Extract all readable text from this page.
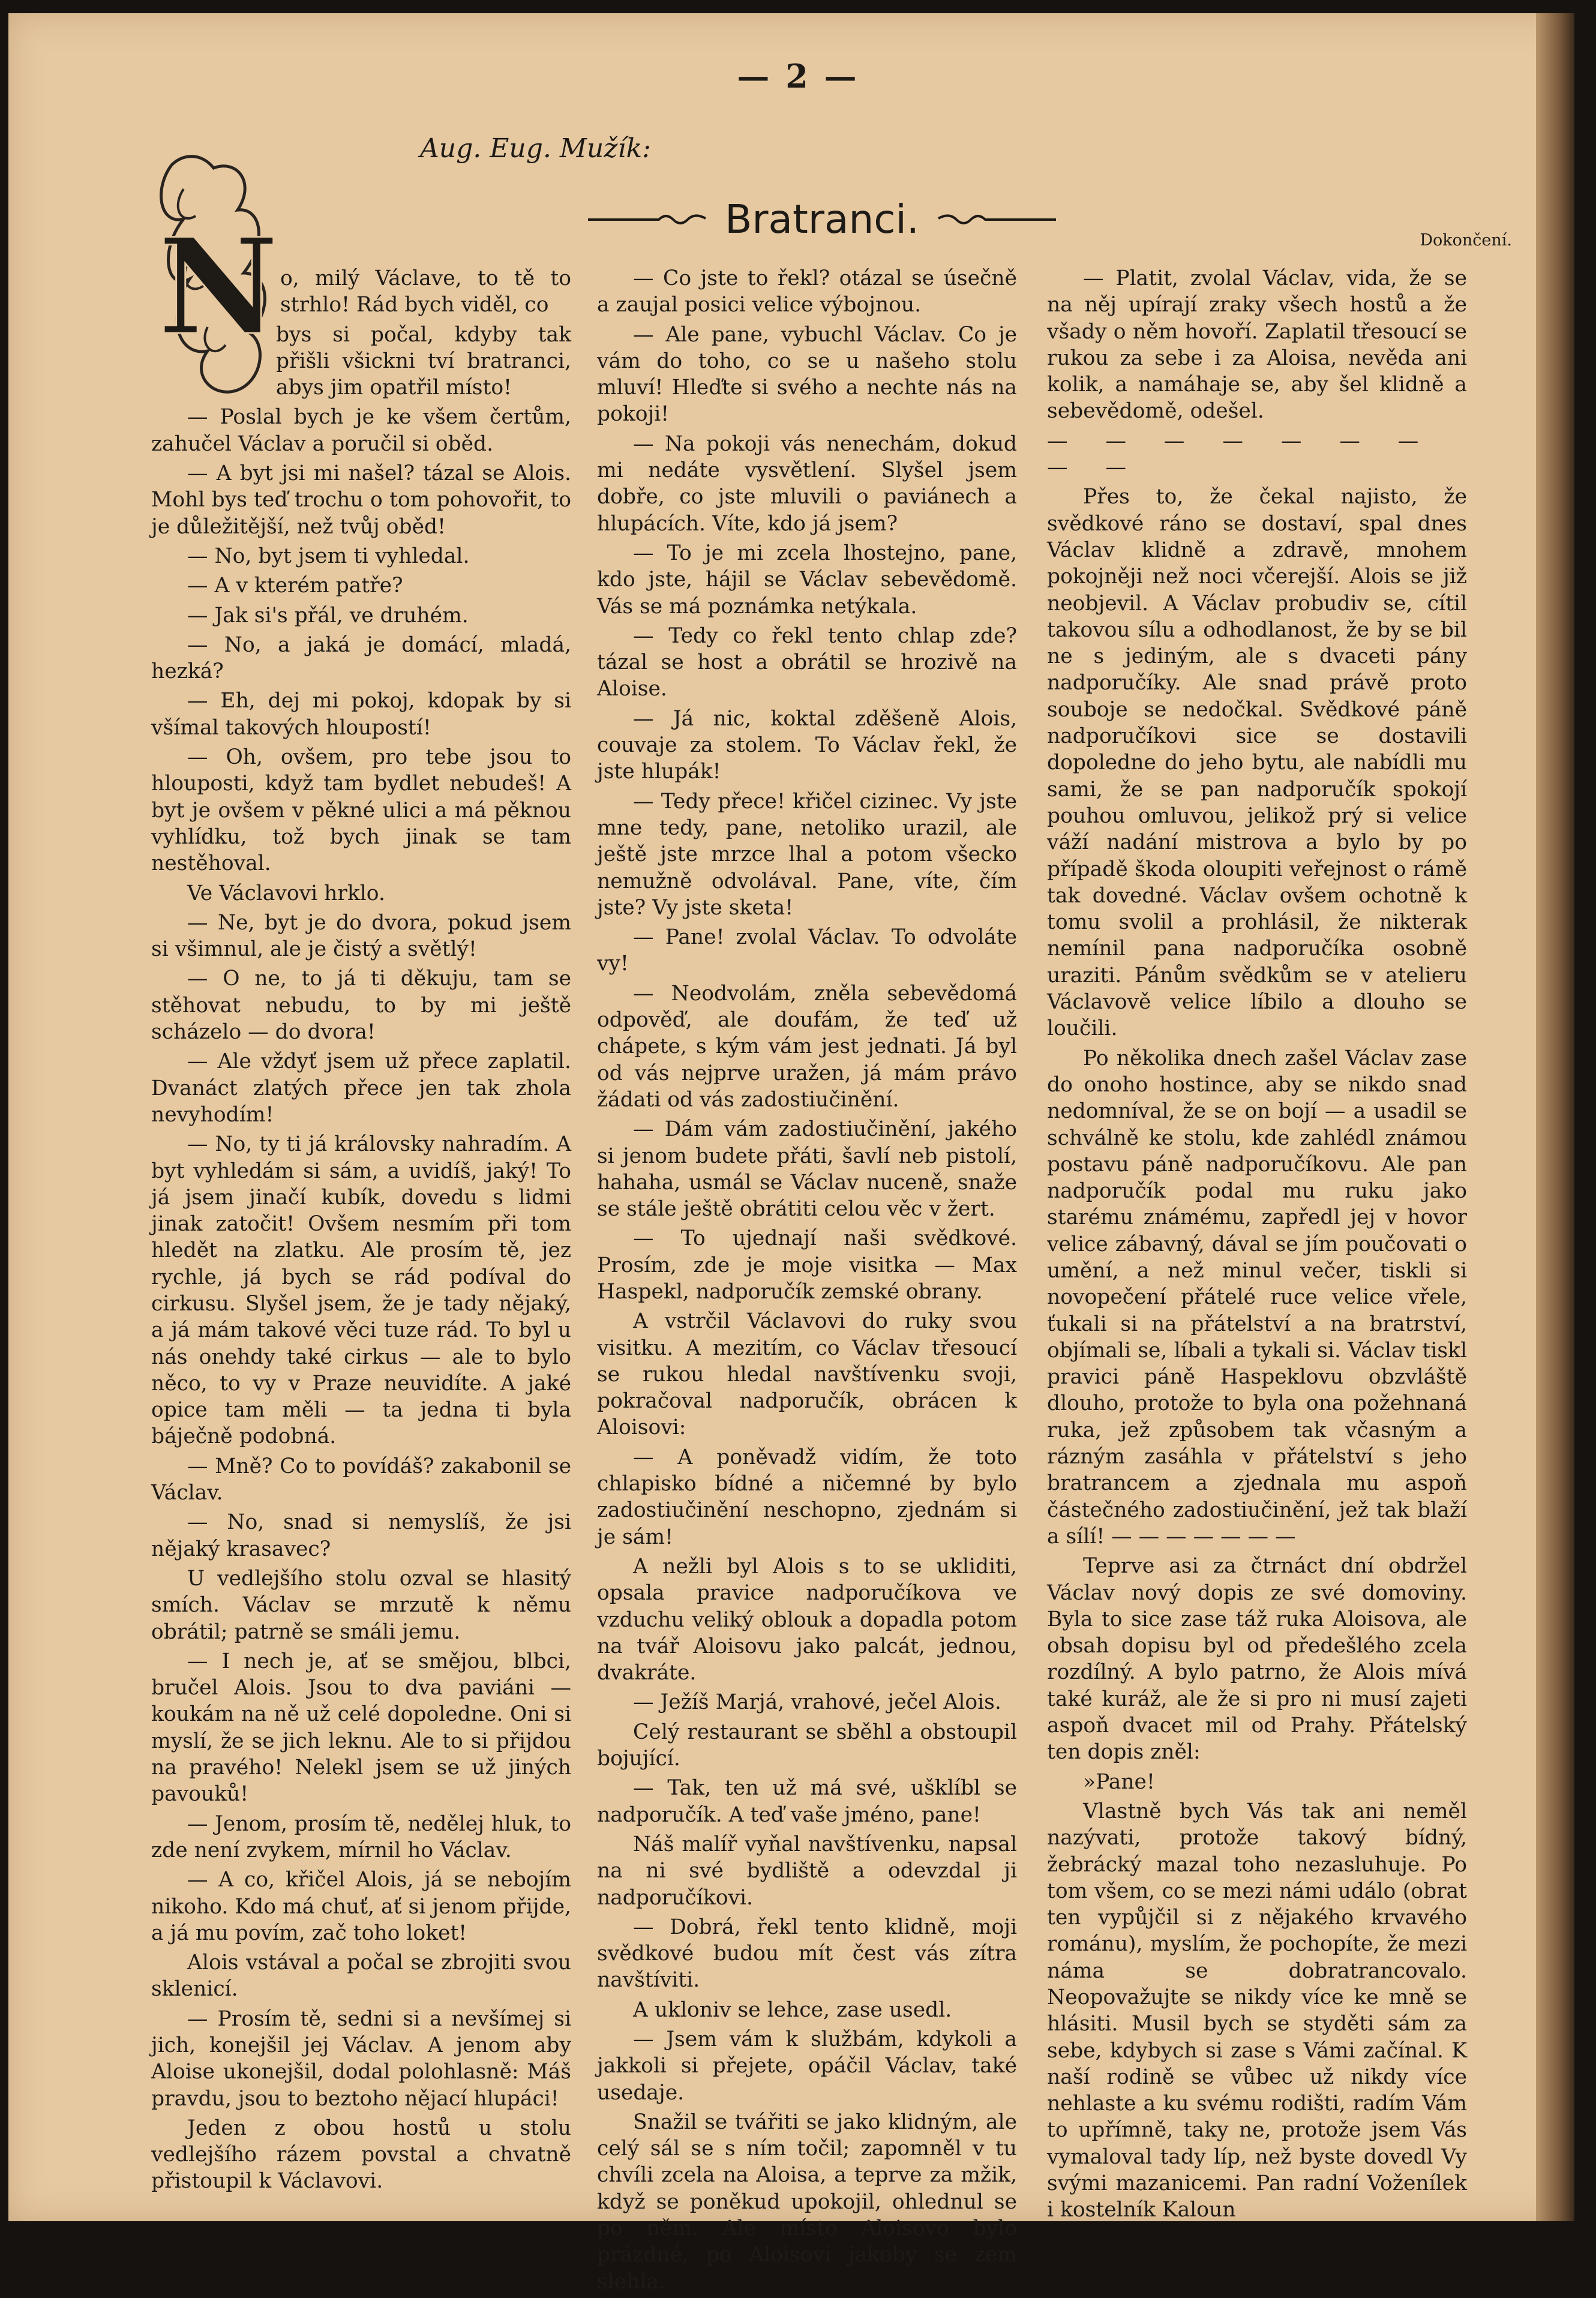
— 2 —
Aug. Eug. Mužík:
Bratranci.	Dokončení.
N o, milý Václave, to tě to strhlo! Rád bych viděl, co

bys si počal, kdyby tak přišli všickni tví bratranci, abys jim opatřil místo!

— Poslal bych je ke všem čertům, zahučel Václav a poručil si oběd.

— A byt jsi mi našel? tázal se Alois. Mohl bys teď trochu o tom pohovořit, to je důležitější, než tvůj oběd!

— No, byt jsem ti vyhledal.

— A v kterém patře?

— Jak si's přál, ve druhém.

— No, a jaká je domácí, mladá, hezká?

— Eh, dej mi pokoj, kdopak by si všímal takových hloupostí!

— Oh, ovšem, pro tebe jsou to hlouposti, když tam bydlet nebudeš! A byt je ovšem v pěkné ulici a má pěknou vyhlídku, tož bych jinak se tam nestěhoval.

Ve Václavovi hrklo.

— Ne, byt je do dvora, pokud jsem si všimnul, ale je čistý a světlý!

— O ne, to já ti děkuju, tam se stěhovat nebudu, to by mi ještě scházelo — do dvora!

— Ale vždyť jsem už přece zaplatil. Dvanáct zlatých přece jen tak zhola nevyhodím!

— No, ty ti já královsky nahradím. A byt vyhledám si sám, a uvidíš, jaký! To já jsem jinačí kubík, dovedu s lidmi jinak zatočit! Ovšem nesmím při tom hledět na zlatku. Ale prosím tě, jez rychle, já bych se rád podíval do cirkusu. Slyšel jsem, že je tady nějaký, a já mám takové věci tuze rád. To byl u nás onehdy také cirkus — ale to bylo něco, to vy v Praze neuvidíte. A jaké opice tam měli — ta jedna ti byla báječně podobná.

— Mně? Co to povídáš? zakabonil se Václav.

— No, snad si nemyslíš, že jsi nějaký krasavec?

U vedlejšího stolu ozval se hlasitý smích. Václav se mrzutě k němu obrátil; patrně se smáli jemu.

— I nech je, ať se smějou, blbci, bručel Alois. Jsou to dva paviáni — koukám na ně už celé dopoledne. Oni si myslí, že se jich leknu. Ale to si přijdou na pravého! Nelekl jsem se už jiných pavouků!

— Jenom, prosím tě, nedělej hluk, to zde není zvykem, mírnil ho Václav.

— A co, křičel Alois, já se nebojím nikoho. Kdo má chuť, ať si jenom přijde, a já mu povím, zač toho loket!

Alois vstával a počal se zbrojiti svou sklenicí.

— Prosím tě, sedni si a nevšímej si jich, konejšil jej Václav. A jenom aby Aloise ukonejšil, dodal polohlasně: Máš pravdu, jsou to beztoho nějací hlupáci!

Jeden z obou hostů u stolu vedlejšího rázem povstal a chvatně přistoupil k Václavovi.

— Co jste to řekl? otázal se úsečně a zaujal posici velice výbojnou.

— Ale pane, vybuchl Václav. Co je vám do toho, co se u našeho stolu mluví! Hleďte si svého a nechte nás na pokoji!

— Na pokoji vás nenechám, dokud mi nedáte vysvětlení. Slyšel jsem dobře, co jste mluvili o paviánech a hlupácích. Víte, kdo já jsem?

— To je mi zcela lhostejno, pane, kdo jste, hájil se Václav sebevědomě. Vás se má poznámka netýkala.

— Tedy co řekl tento chlap zde? tázal se host a obrátil se hrozivě na Aloise.

— Já nic, koktal zděšeně Alois, couvaje za stolem. To Václav řekl, že jste hlupák!

— Tedy přece! křičel cizinec. Vy jste mne tedy, pane, netoliko urazil, ale ještě jste mrzce lhal a potom všecko nemužně odvolával. Pane, víte, čím jste? Vy jste sketa!

— Pane! zvolal Václav. To odvoláte vy!

— Neodvolám, zněla sebevědomá odpověď, ale doufám, že teď už chápete, s kým vám jest jednati. Já byl od vás nejprve uražen, já mám právo žádati od vás zadostiučinění.

— Dám vám zadostiučinění, jakého si jenom budete přáti, šavlí neb pistolí, hahaha, usmál se Václav nuceně, snaže se stále ještě obrátiti celou věc v žert.

— To ujednají naši svědkové. Prosím, zde je moje visitka — Max Haspekl, nadporučík zemské obrany.

A vstrčil Václavovi do ruky svou visitku. A mezitím, co Václav třesoucí se rukou hledal navštívenku svoji, pokračoval nadporučík, obrácen k Aloisovi:

— A poněvadž vidím, že toto chlapisko bídné a ničemné by bylo zadostiučinění neschopno, zjednám si je sám!

A nežli byl Alois s to se ukliditi, opsala pravice nadporučíkova ve vzduchu veliký oblouk a dopadla potom na tvář Aloisovu jako palcát, jednou, dvakráte.

— Ježíš Marjá, vrahové, ječel Alois.

Celý restaurant se sběhl a obstoupil bojující.

— Tak, ten už má své, ušklíbl se nadporučík. A teď vaše jméno, pane!

Náš malíř vyňal navštívenku, napsal na ni své bydliště a odevzdal ji nadporučíkovi.

— Dobrá, řekl tento klidně, moji svědkové budou mít čest vás zítra navštíviti.

A ukloniv se lehce, zase usedl.

— Jsem vám k službám, kdykoli a jakkoli si přejete, opáčil Václav, také usedaje.

Snažil se tvářiti se jako klidným, ale celý sál se s ním točil; zapomněl v tu chvíli zcela na Aloisa, a teprve za mžik, když se poněkud upokojil, ohlednul se po něm. Ale místo Aloisovo bylo prázdné, po Aloisovi jakoby se zem slehla.

— Platit, zvolal Václav, vida, že se na něj upírají zraky všech hostů a že všady o něm hovoří. Zaplatil třesoucí se rukou za sebe i za Aloisa, nevěda ani kolik, a namáhaje se, aby šel klidně a sebevědomě, odešel.

— — — — — — — — —

Přes to, že čekal najisto, že svědkové ráno se dostaví, spal dnes Václav klidně a zdravě, mnohem pokojněji než noci včerejší. Alois se již neobjevil. A Václav probudiv se, cítil takovou sílu a odhodlanost, že by se bil ne s jediným, ale s dvaceti pány nadporučíky. Ale snad právě proto souboje se nedočkal. Svědkové páně nadporučíkovi sice se dostavili dopoledne do jeho bytu, ale nabídli mu sami, že se pan nadporučík spokojí pouhou omluvou, jelikož prý si velice váží nadání mistrova a bylo by po případě škoda oloupiti veřejnost o rámě tak dovedné. Václav ovšem ochotně k tomu svolil a prohlásil, že nikterak nemínil pana nadporučíka osobně uraziti. Pánům svědkům se v atelieru Václavově velice líbilo a dlouho se loučili.

Po několika dnech zašel Václav zase do onoho hostince, aby se nikdo snad nedomníval, že se on bojí — a usadil se schválně ke stolu, kde zahlédl známou postavu páně nadporučíkovu. Ale pan nadporučík podal mu ruku jako starému známému, zapředl jej v hovor velice zábavný, dával se jím poučovati o umění, a než minul večer, tiskli si novopečení přátelé ruce velice vřele, ťukali si na přátelství a na bratrství, objímali se, líbali a tykali si. Václav tiskl pravici páně Haspeklovu obzvláště dlouho, protože to byla ona požehnaná ruka, jež způsobem tak včasným a rázným zasáhla v přátelství s jeho bratrancem a zjednala mu aspoň částečného zadostiučinění, jež tak blaží a sílí! — — — — — — —

Teprve asi za čtrnáct dní obdržel Václav nový dopis ze své domoviny. Byla to sice zase táž ruka Aloisova, ale obsah dopisu byl od předešlého zcela rozdílný. A bylo patrno, že Alois mívá také kuráž, ale že si pro ni musí zajeti aspoň dvacet mil od Prahy. Přátelský ten dopis zněl:

»Pane!

Vlastně bych Vás tak ani neměl nazývati, protože takový bídný, žebrácký mazal toho nezasluhuje. Po tom všem, co se mezi námi událo (obrat ten vypůjčil si z nějakého krvavého románu), myslím, že pochopíte, že mezi náma se dobratrancovalo. Neopovažujte se nikdy více ke mně se hlásiti. Musil bych se styděti sám za sebe, kdybych si zase s Vámi začínal. K naší rodině se vůbec už nikdy více nehlaste a ku svému rodišti, radím Vám to upřímně, taky ne, protože jsem Vás vymaloval tady líp, než byste dovedl Vy svými mazanicemi. Pan radní Voženílek i kostelník Kaloun
